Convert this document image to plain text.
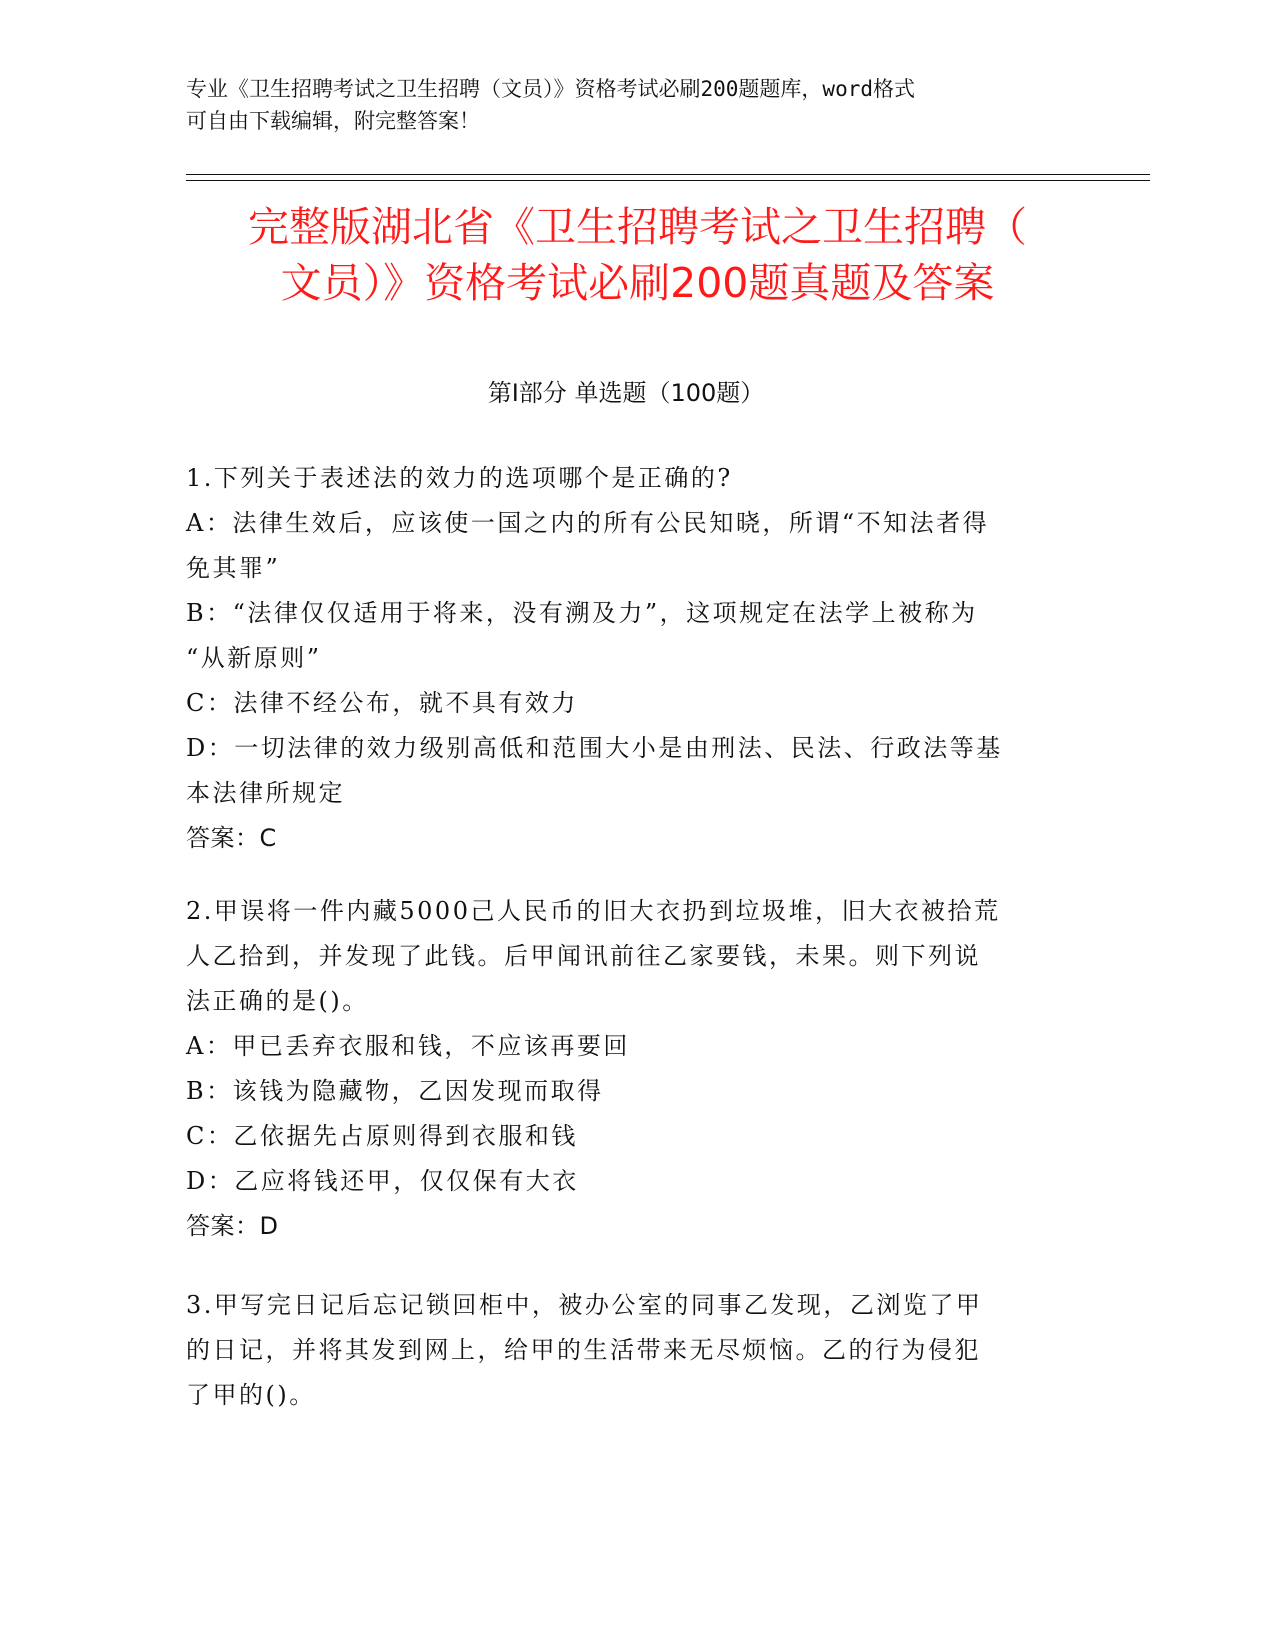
专业《卫生招聘考试之卫生招聘（文员）》资格考试必刷200题题库，word格式
可自由下载编辑，附完整答案！
完整版湖北省《卫生招聘考试之卫生招聘（
文员）》资格考试必刷200题真题及答案
第Ⅰ部分 单选题（100题）
1.下列关于表述法的效力的选项哪个是正确的?
A：法律生效后，应该使一国之内的所有公民知晓，所谓“不知法者得
免其罪”
B：“法律仅仅适用于将来，没有溯及力”，这项规定在法学上被称为
“从新原则”
C：法律不经公布，就不具有效力
D：一切法律的效力级别高低和范围大小是由刑法、民法、行政法等基
本法律所规定
答案：C
2.甲误将一件内藏5000己人民币的旧大衣扔到垃圾堆，旧大衣被拾荒
人乙拾到，并发现了此钱。后甲闻讯前往乙家要钱，未果。则下列说
法正确的是()。
A：甲已丢弃衣服和钱，不应该再要回
B：该钱为隐藏物，乙因发现而取得
C：乙依据先占原则得到衣服和钱
D：乙应将钱还甲，仅仅保有大衣
答案：D
3.甲写完日记后忘记锁回柜中，被办公室的同事乙发现，乙浏览了甲
的日记，并将其发到网上，给甲的生活带来无尽烦恼。乙的行为侵犯
了甲的()。
